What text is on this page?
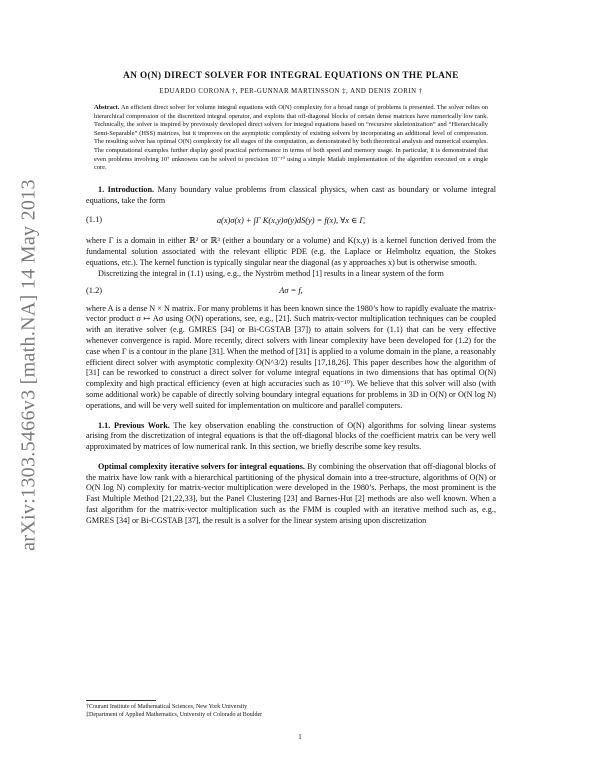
arXiv:1303.5466v3 [math.NA] 14 May 2013
AN O(N) DIRECT SOLVER FOR INTEGRAL EQUATIONS ON THE PLANE
EDUARDO CORONA †, PER-GUNNAR MARTINSSON ‡, AND DENIS ZORIN †
Abstract. An efficient direct solver for volume integral equations with O(N) complexity for a broad range of problems is presented. The solver relies on hierarchical compression of the discretized integral operator, and exploits that off-diagonal blocks of certain dense matrices have numerically low rank. Technically, the solver is inspired by previously developed direct solvers for integral equations based on “recursive skeletonization” and “Hierarchically Semi-Separable” (HSS) matrices, but it improves on the asymptotic complexity of existing solvers by incorporating an additional level of compression. The resulting solver has optimal O(N) complexity for all stages of the computation, as demonstrated by both theoretical analysis and numerical examples. The computational examples further display good practical performance in terms of both speed and memory usage. In particular, it is demonstrated that even problems involving 10⁷ unknowns can be solved to precision 10⁻¹⁰ using a simple Matlab implementation of the algorithm executed on a single core.

1. Introduction. Many boundary value problems from classical physics, when cast as boundary or volume integral equations, take the form

(1.1)	a(x)σ(x) + ∫Γ K(x,y)σ(y)dS(y) = f(x), ∀x ∈ Γ,

where Γ is a domain in either ℝ² or ℝ³ (either a boundary or a volume) and K(x,y) is a kernel function derived from the fundamental solution associated with the relevant elliptic PDE (e.g. the Laplace or Helmholtz equation, the Stokes equations, etc.). The kernel function is typically singular near the diagonal (as y approaches x) but is otherwise smooth.

Discretizing the integral in (1.1) using, e.g., the Nyström method [1] results in a linear system of the form

(1.2)	Aσ = f,

where A is a dense N × N matrix. For many problems it has been known since the 1980’s how to rapidly evaluate the matrix-vector product σ ↦ Aσ using O(N) operations, see, e.g., [21]. Such matrix-vector multiplication techniques can be coupled with an iterative solver (e.g. GMRES [34] or Bi-CGSTAB [37]) to attain solvers for (1.1) that can be very effective whenever convergence is rapid. More recently, direct solvers with linear complexity have been developed for (1.2) for the case when Γ is a contour in the plane [31]. When the method of [31] is applied to a volume domain in the plane, a reasonably efficient direct solver with asymptotic complexity O(N^3/2) results [17,18,26]. This paper describes how the algorithm of [31] can be reworked to construct a direct solver for volume integral equations in two dimensions that has optimal O(N) complexity and high practical efficiency (even at high accuracies such as 10⁻¹⁰). We believe that this solver will also (with some additional work) be capable of directly solving boundary integral equations for problems in 3D in O(N) or O(N log N) operations, and will be very well suited for implementation on multicore and parallel computers.

1.1. Previous Work. The key observation enabling the construction of O(N) algorithms for solving linear systems arising from the discretization of integral equations is that the off-diagonal blocks of the coefficient matrix can be very well approximated by matrices of low numerical rank. In this section, we briefly describe some key results.

Optimal complexity iterative solvers for integral equations. By combining the observation that off-diagonal blocks of the matrix have low rank with a hierarchical partitioning of the physical domain into a tree-structure, algorithms of O(N) or O(N log N) complexity for matrix-vector multiplication were developed in the 1980’s. Perhaps, the most prominent is the Fast Multiple Method [21,22,33], but the Panel Clustering [23] and Barnes-Hut [2] methods are also well known. When a fast algorithm for the matrix-vector multiplication such as the FMM is coupled with an iterative method such as, e.g., GMRES [34] or Bi-CGSTAB [37], the result is a solver for the linear system arising upon discretization

†Courant Institute of Mathematical Sciences, New York University
‡Department of Applied Mathematics, University of Colorado at Boulder
1
